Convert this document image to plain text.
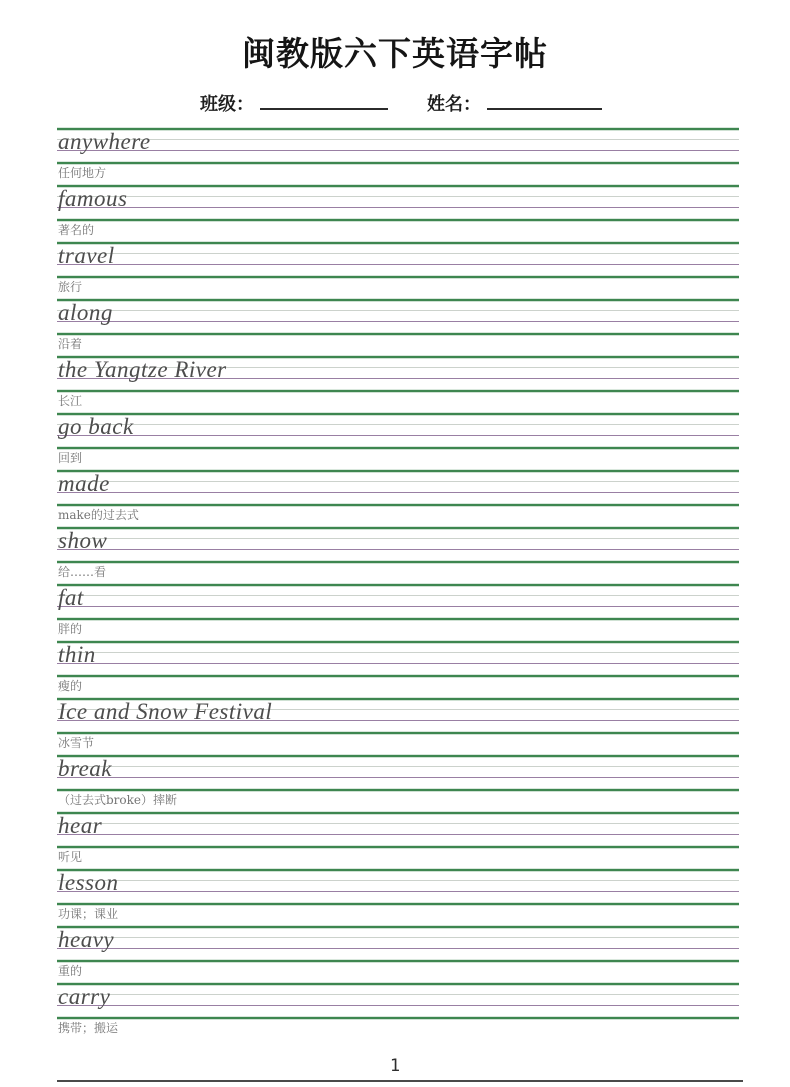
闽教版六下英语字帖
班级：	姓名：
anywhere
任何地方
famous
著名的
travel
旅行
along
沿着
the Yangtze River
长江
go back
回到
made
make的过去式
show
给……看
fat
胖的
thin
瘦的
Ice and Snow Festival
冰雪节
break
（过去式broke）摔断
hear
听见
lesson
功课；课业
heavy
重的
carry
携带；搬运
1
